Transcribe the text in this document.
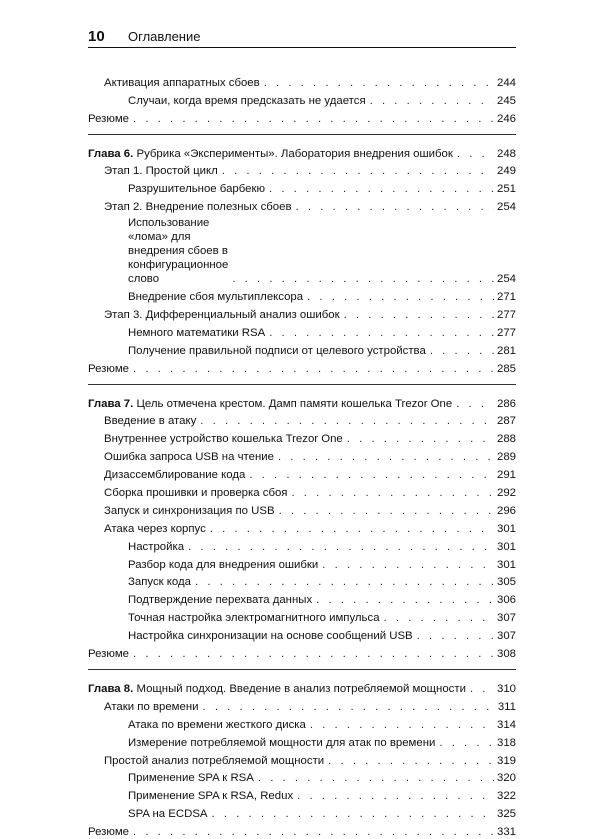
10 Оглавление
Активация аппаратных сбоев . . .	244
Случаи, когда время предсказать не удается . . .	245
Резюме . . .	246
Глава 6. Рубрика «Эксперименты». Лаборатория внедрения ошибок . . .	248
Этап 1. Простой цикл . . .	249
Разрушительное барбекю . . .	251
Этап 2. Внедрение полезных сбоев . . .	254
Использование «лома» для внедрения сбоев в конфигурационное слово . . .	254
Внедрение сбоя мультиплексора . . .	271
Этап 3. Дифференциальный анализ ошибок . . .	277
Немного математики RSA . . .	277
Получение правильной подписи от целевого устройства . . .	281
Резюме . . .	285
Глава 7. Цель отмечена крестом. Дамп памяти кошелька Trezor One . . .	286
Введение в атаку . . .	287
Внутреннее устройство кошелька Trezor One . . .	288
Ошибка запроса USB на чтение . . .	289
Дизассемблирование кода . . .	291
Сборка прошивки и проверка сбоя . . .	292
Запуск и синхронизация по USB . . .	296
Атака через корпус . . .	301
Настройка . . .	301
Разбор кода для внедрения ошибки . . .	301
Запуск кода . . .	305
Подтверждение перехвата данных . . .	306
Точная настройка электромагнитного импульса . . .	307
Настройка синхронизации на основе сообщений USB . . .	307
Резюме . . .	308
Глава 8. Мощный подход. Введение в анализ потребляемой мощности . . .	310
Атаки по времени . . .	311
Атака по времени жесткого диска . . .	314
Измерение потребляемой мощности для атак по времени . . .	318
Простой анализ потребляемой мощности . . .	319
Применение SPA к RSA . . .	320
Применение SPA к RSA, Redux . . .	322
SPA на ECDSA . . .	325
Резюме . . .	331
